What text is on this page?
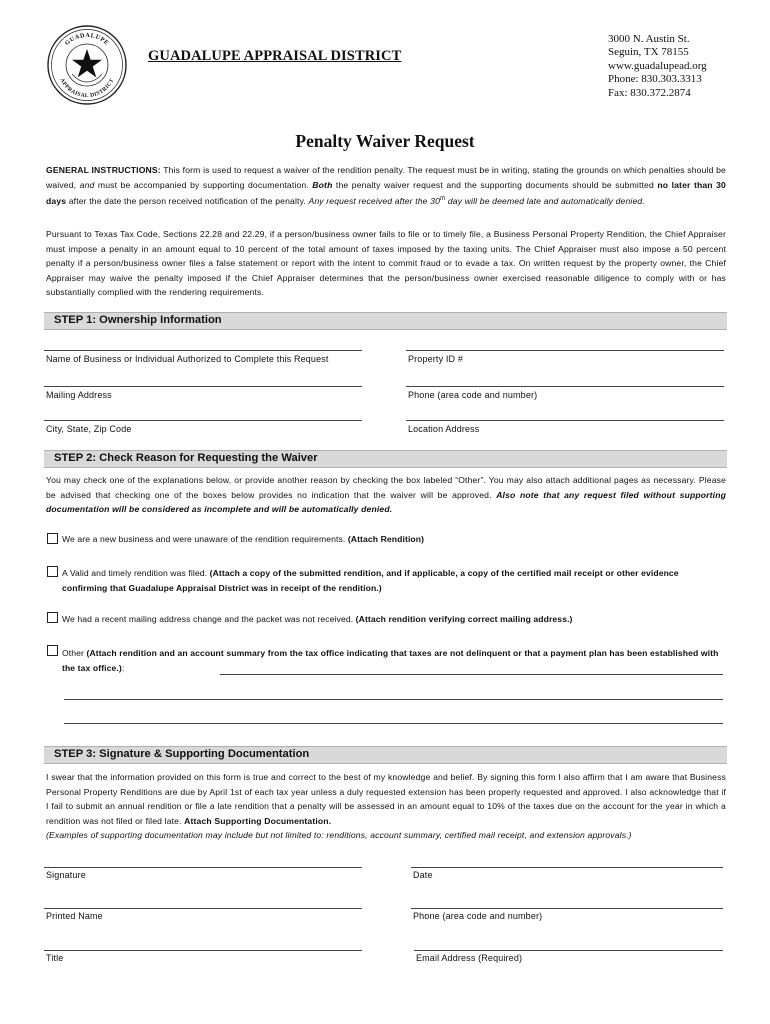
GUADALUPE
APPRAISAL DISTRICT
GUADALUPE APPRAISAL DISTRICT
3000 N. Austin St.
Seguin, TX 78155
www.guadalupead.org
Phone: 830.303.3313
Fax: 830.372.2874
Penalty Waiver Request
GENERAL INSTRUCTIONS: This form is used to request a waiver of the rendition penalty. The request must be in writing, stating the grounds on which penalties should be waived, and must be accompanied by supporting documentation. Both the penalty waiver request and the supporting documents should be submitted no later than 30 days after the date the person received notification of the penalty. Any request received after the 30th day will be deemed late and automatically denied.
Pursuant to Texas Tax Code, Sections 22.28 and 22.29, if a person/business owner fails to file or to timely file, a Business Personal Property Rendition, the Chief Appraiser must impose a penalty in an amount equal to 10 percent of the total amount of taxes imposed by the taxing units. The Chief Appraiser must also impose a 50 percent penalty if a person/business owner files a false statement or report with the intent to commit fraud or to evade a tax. On written request by the property owner, the Chief Appraiser may waive the penalty imposed if the Chief Appraiser determines that the person/business owner exercised reasonable diligence to comply with or has substantially complied with the rendering requirements.
STEP 1: Ownership Information
Name of Business or Individual Authorized to Complete this Request	Property ID #
Mailing Address	Phone (area code and number)
City, State, Zip Code	Location Address
STEP 2: Check Reason for Requesting the Waiver
You may check one of the explanations below, or provide another reason by checking the box labeled “Other”. You may also attach additional pages as necessary. Please be advised that checking one of the boxes below provides no indication that the waiver will be approved. Also note that any request filed without supporting documentation will be considered as incomplete and will be automatically denied.
We are a new business and were unaware of the rendition requirements. (Attach Rendition)
A Valid and timely rendition was filed. (Attach a copy of the submitted rendition, and if applicable, a copy of the certified mail receipt or other evidence confirming that Guadalupe Appraisal District was in receipt of the rendition.)
We had a recent mailing address change and the packet was not received. (Attach rendition verifying correct mailing address.)
Other (Attach rendition and an account summary from the tax office indicating that taxes are not delinquent or that a payment plan has been established with the tax office.):
STEP 3: Signature & Supporting Documentation
I swear that the information provided on this form is true and correct to the best of my knowledge and belief. By signing this form I also affirm that I am aware that Business Personal Property Renditions are due by April 1st of each tax year unless a duly requested extension has been properly requested and approved. I also acknowledge that if I fail to submit an annual rendition or file a late rendition that a penalty will be assessed in an amount equal to 10% of the taxes due on the account for the year in which a rendition was not filed or filed late. Attach Supporting Documentation.
(Examples of supporting documentation may include but not limited to: renditions, account summary, certified mail receipt, and extension approvals.)
Signature	Date
Printed Name	Phone (area code and number)
Title	Email Address (Required)
